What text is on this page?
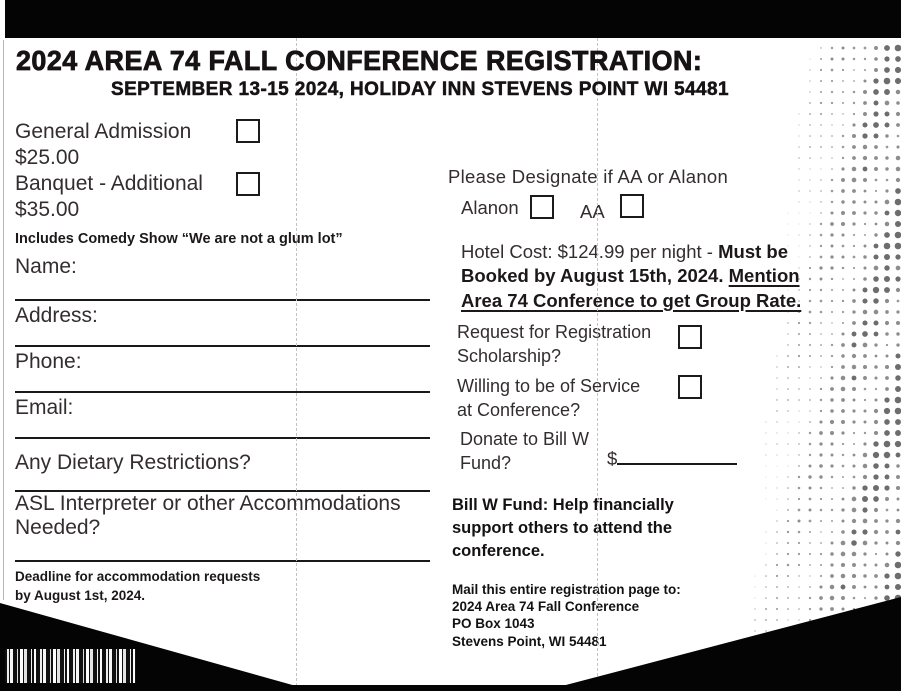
2024 AREA 74 FALL CONFERENCE REGISTRATION:
SEPTEMBER 13-15 2024, HOLIDAY INN STEVENS POINT WI 54481
General Admission
$25.00
Banquet - Additional
$35.00
Includes Comedy Show “We are not a glum lot”
Name:
Address:
Phone:
Email:
Any Dietary Restrictions?
ASL Interpreter or other Accommodations
Needed?
Deadline for accommodation requests
by August 1st, 2024.
Please Designate if AA or Alanon
Alanon	AA
Hotel Cost: $124.99 per night - Must be
Booked by August 15th, 2024. Mention
Area 74 Conference to get Group Rate.
Request for Registration
Scholarship?
Willing to be of Service
at Conference?
Donate to Bill W
Fund?	$
Bill W Fund: Help financially
support others to attend the
conference.
Mail this entire registration page to:
2024 Area 74 Fall Conference
PO Box 1043
Stevens Point, WI 54481
